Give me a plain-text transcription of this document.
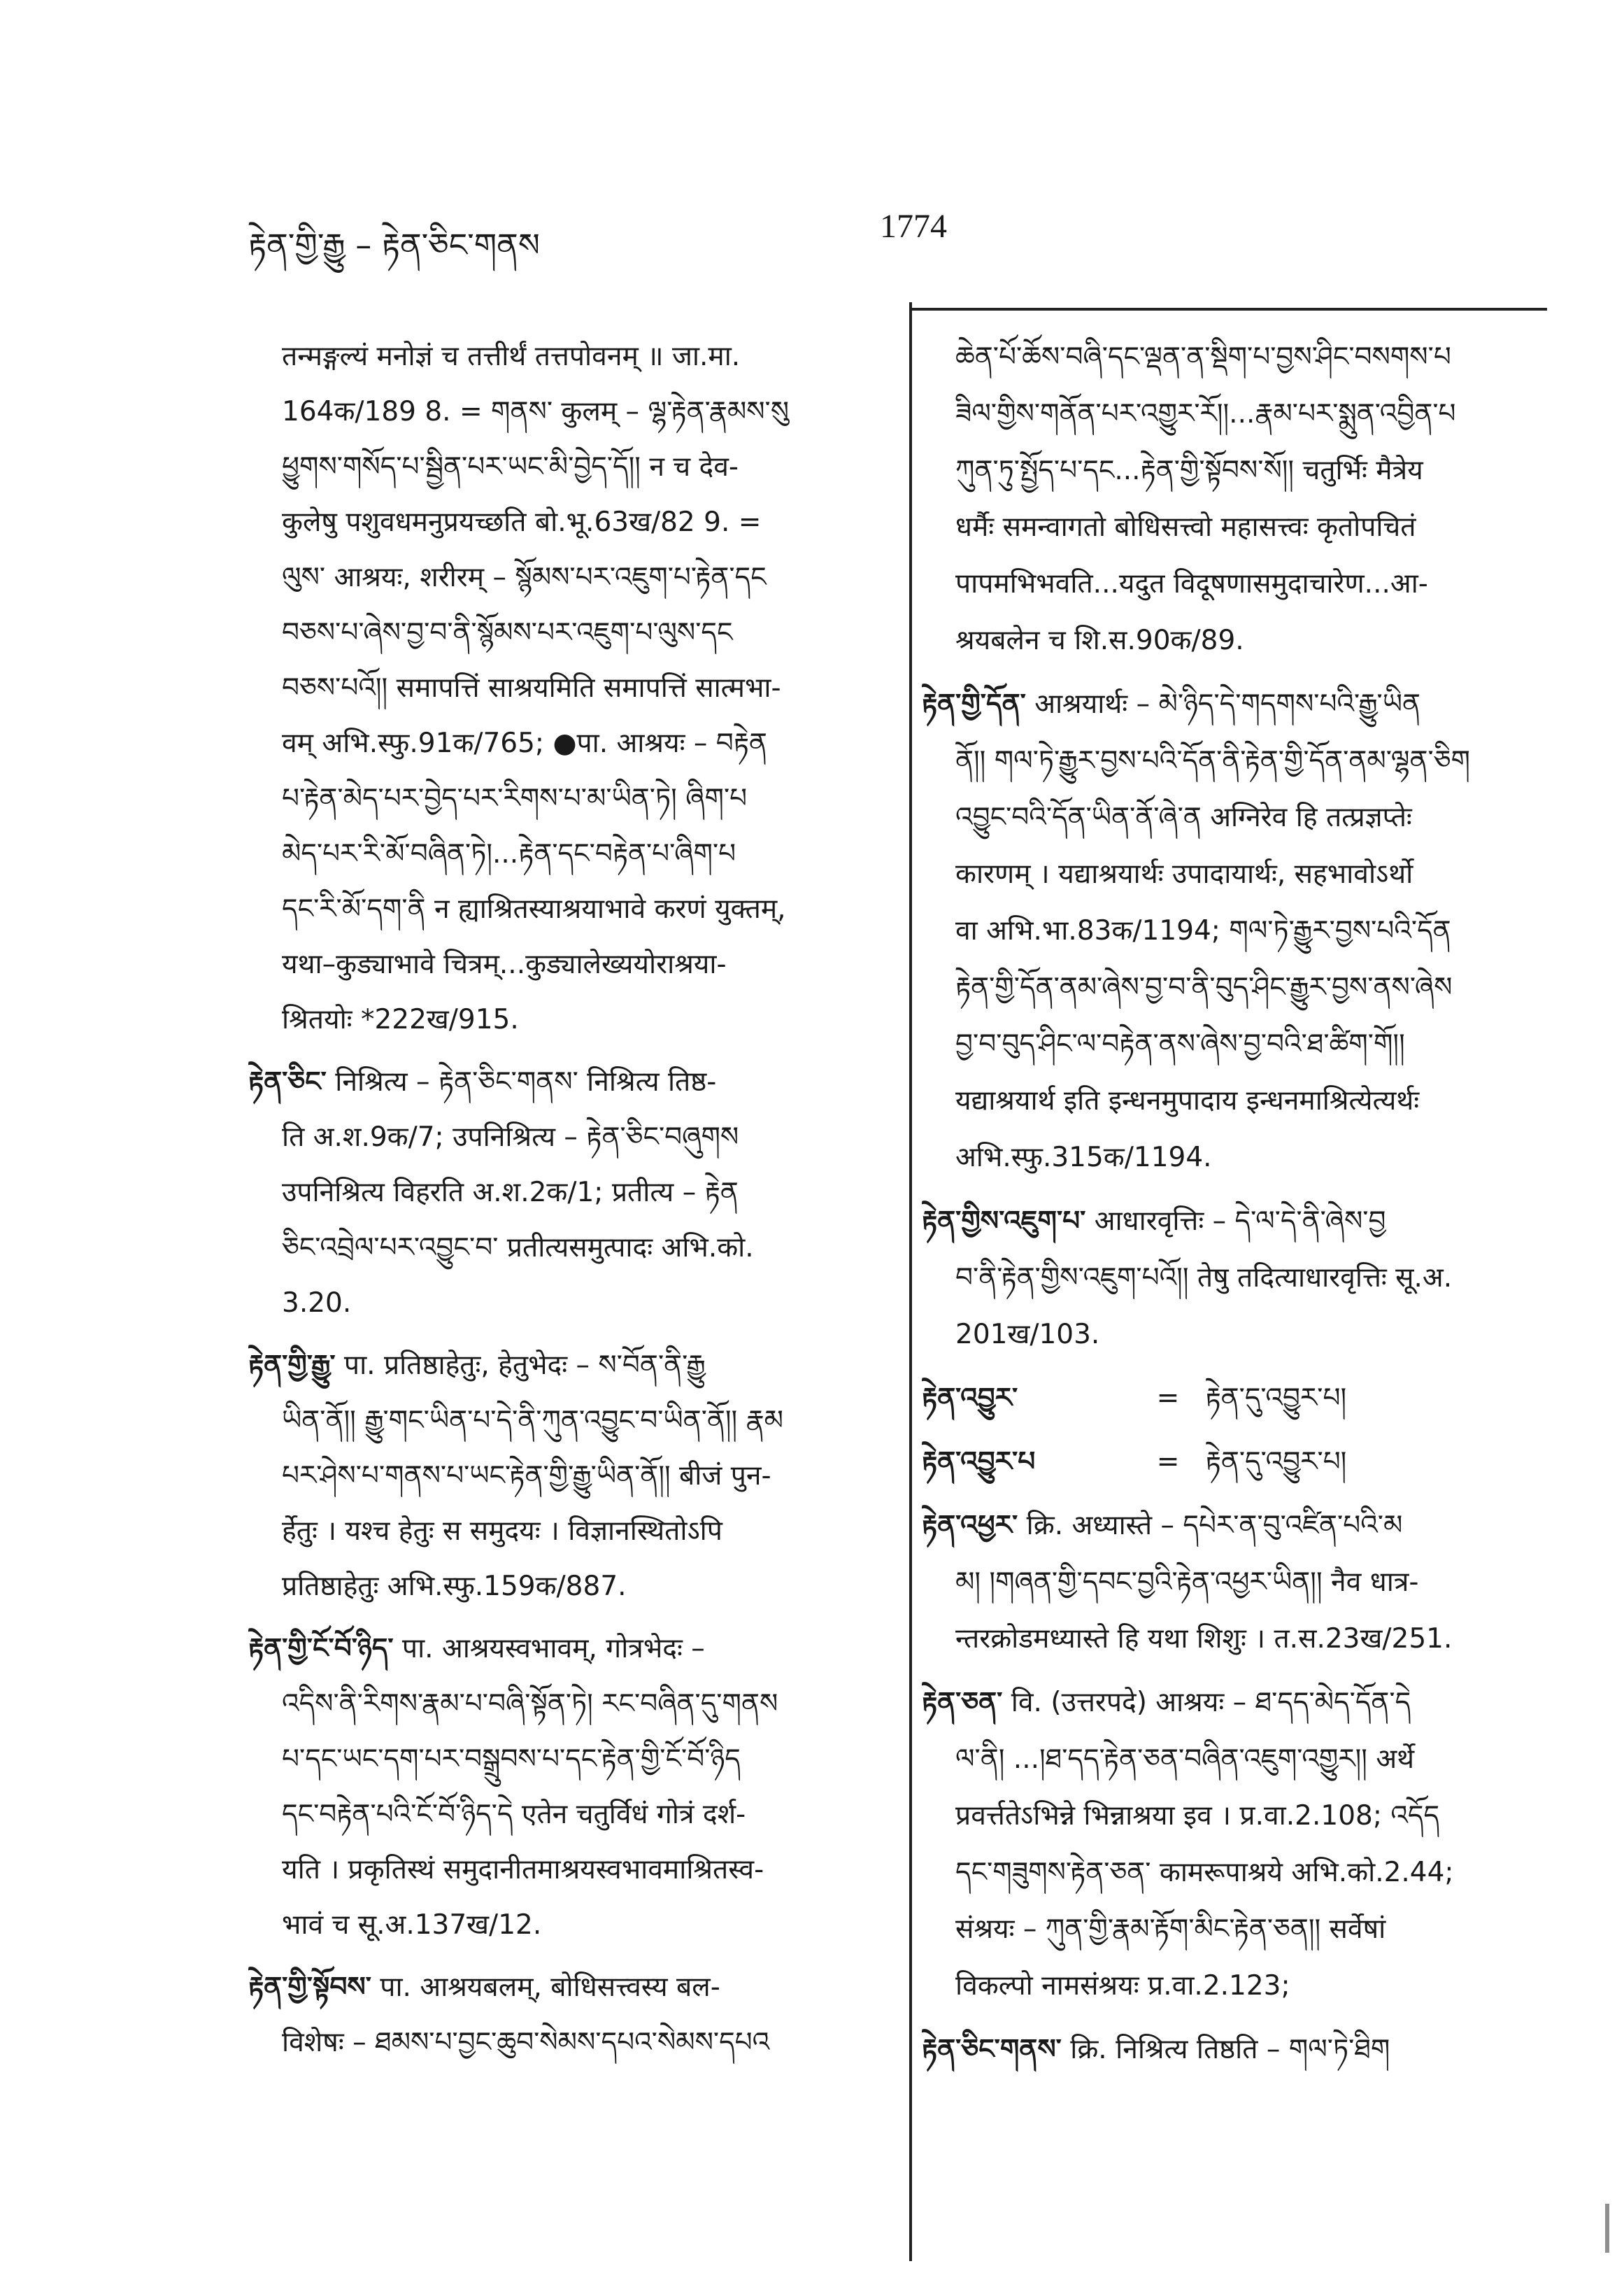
རྟེན་གྱི་རྒྱུ – རྟེན་ཅིང་གནས	1774
तन्मङ्गल्यं मनोज्ञं च तत्तीर्थं तत्तपोवनम् ॥ जा.मा.
164क/189 8. = གནས་ कुलम् – ལྷ་རྟེན་རྣམས་སུ
ཕྱུགས་གསོད་པ་སྦྱིན་པར་ཡང་མི་བྱེད་དོ།། न च देव-
कुलेषु पशुवधमनुप्रयच्छति बो.भू.63ख/82 9. =
ལུས་ आश्रयः, शरीरम् – སྙོམས་པར་འཇུག་པ་རྟེན་དང
བཅས་པ་ཞེས་བྱ་བ་ནི་སྙོམས་པར་འཇུག་པ་ལུས་དང
བཅས་པའོ།། समापत्तिं साश्रयमिति समापत्तिं सात्मभा-
वम् अभि.स्फु.91क/765; ●पा. आश्रयः – བརྟེན
པ་རྟེན་མེད་པར་བྱེད་པར་རིགས་པ་མ་ཡིན་ཏེ། ཞིག་པ
མེད་པར་རི་མོ་བཞིན་ཏེ།...རྟེན་དང་བརྟེན་པ་ཞིག་པ
དང་རི་མོ་དག་ནི न ह्याश्रितस्याश्रयाभावे करणं युक्तम्,
यथा–कुड्याभावे चित्रम्...कुड्यालेख्ययोराश्रया-
श्रितयोः *222ख/915.
རྟེན་ཅིང་ निश्रित्य – རྟེན་ཅིང་གནས་ निश्रित्य तिष्ठ-
ति अ.श.9क/7; उपनिश्रित्य – རྟེན་ཅིང་བཞུགས
उपनिश्रित्य विहरति अ.श.2क/1; प्रतीत्य – རྟེན
ཅིང་འབྲེལ་པར་འབྱུང་བ་ प्रतीत्यसमुत्पादः अभि.को.
3.20.
རྟེན་གྱི་རྒྱུ་ पा. प्रतिष्ठाहेतुः, हेतुभेदः – ས་བོན་ནི་རྒྱུ
ཡིན་ནོ།། རྒྱུ་གང་ཡིན་པ་དེ་ནི་ཀུན་འབྱུང་བ་ཡིན་ནོ།། རྣམ
པར་ཤེས་པ་གནས་པ་ཡང་རྟེན་གྱི་རྒྱུ་ཡིན་ནོ།། बीजं पुन-
र्हेतुः । यश्च हेतुः स समुदयः । विज्ञानस्थितोऽपि
प्रतिष्ठाहेतुः अभि.स्फु.159क/887.
རྟེན་གྱི་ངོ་བོ་ཉིད་ पा. आश्रयस्वभावम्, गोत्रभेदः –
འདིས་ནི་རིགས་རྣམ་པ་བཞི་སྟོན་ཏེ། རང་བཞིན་དུ་གནས
པ་དང་ཡང་དག་པར་བསྒྲུབས་པ་དང་རྟེན་གྱི་ངོ་བོ་ཉིད
དང་བརྟེན་པའི་ངོ་བོ་ཉིད་དེ एतेन चतुर्विधं गोत्रं दर्श-
यति । प्रकृतिस्थं समुदानीतमाश्रयस्वभावमाश्रितस्व-
भावं च सू.अ.137ख/12.
རྟེན་གྱི་སྟོབས་ पा. आश्रयबलम्, बोधिसत्त्वस्य बल-
विशेषः – ཐམས་པ་བྱང་ཆུབ་སེམས་དཔའ་སེམས་དཔའ
ཆེན་པོ་ཆོས་བཞི་དང་ལྡན་ན་སྡིག་པ་བྱས་ཤིང་བསགས་པ
ཟིལ་གྱིས་གནོན་པར་འགྱུར་རོ།།...རྣམ་པར་སྨུན་འབྱིན་པ
ཀུན་ཏུ་སྤྱོད་པ་དང...རྟེན་གྱི་སྟོབས་སོ།། चतुर्भिः मैत्रेय
धर्मैः समन्वागतो बोधिसत्त्वो महासत्त्वः कृतोपचितं
पापमभिभवति...यदुत विदूषणासमुदाचारेण...आ-
श्रयबलेन च शि.स.90क/89.
རྟེན་གྱི་དོན་ आश्रयार्थः – མེ་ཉིད་དེ་གདགས་པའི་རྒྱུ་ཡིན
ནོ།། གལ་ཏེ་རྒྱུར་བྱས་པའི་དོན་ནི་རྟེན་གྱི་དོན་ནམ་ལྷན་ཅིག
འབྱུང་བའི་དོན་ཡིན་ནོ་ཞེ་ན अग्निरेव हि तत्प्रज्ञप्तेः
कारणम् । यद्याश्रयार्थः उपादायार्थः, सहभावोऽर्थो
वा अभि.भा.83क/1194; གལ་ཏེ་རྒྱུར་བྱས་པའི་དོན
རྟེན་གྱི་དོན་ནམ་ཞེས་བྱ་བ་ནི་བུད་ཤིང་རྒྱུར་བྱས་ནས་ཞེས
བྱ་བ་བུད་ཤིང་ལ་བརྟེན་ནས་ཞེས་བྱ་བའི་ཐ་ཚིག་གོ།།
यद्याश्रयार्थ इति इन्धनमुपादाय इन्धनमाश्रित्येत्यर्थः
अभि.स्फु.315क/1194.
རྟེན་གྱིས་འཇུག་པ་ आधारवृत्तिः – དེ་ལ་དེ་ནི་ཞེས་བྱ
བ་ནི་རྟེན་གྱིས་འཇུག་པའོ།། तेषु तदित्याधारवृत्तिः सू.अ.
201ख/103.
རྟེན་འབྱུར་                =   རྟེན་དུ་འབྱུར་པ།
རྟེན་འབྱུར་པ              =   རྟེན་དུ་འབྱུར་པ།
རྟེན་འཕྱར་ क्रि. अध्यास्ते – དཔེར་ན་བུ་འཛིན་པའི་མ
མ། །གཞན་གྱི་དབང་བྱའི་རྟེན་འཕྱར་ཡིན།། नैव धात्र-
न्तरक्रोडमध्यास्ते हि यथा शिशुः । त.स.23ख/251.
རྟེན་ཅན་ वि. (उत्तरपदे) आश्रयः – ཐ་དད་མེད་དོན་དེ
ལ་ནི། ...།ཐ་དད་རྟེན་ཅན་བཞིན་འཇུག་འགྱུར།། अर्थे
प्रवर्त्ततेऽभिन्ने भिन्नाश्रया इव । प्र.वा.2.108; འདོད
དང་གཟུགས་རྟེན་ཅན་ कामरूपाश्रये अभि.को.2.44;
संश्रयः – ཀུན་གྱི་རྣམ་རྟོག་མིང་རྟེན་ཅན།། सर्वेषां
विकल्पो नामसंश्रयः प्र.वा.2.123;
རྟེན་ཅིང་གནས་ क्रि. निश्रित्य तिष्ठति – གལ་ཏེ་ཐིག
